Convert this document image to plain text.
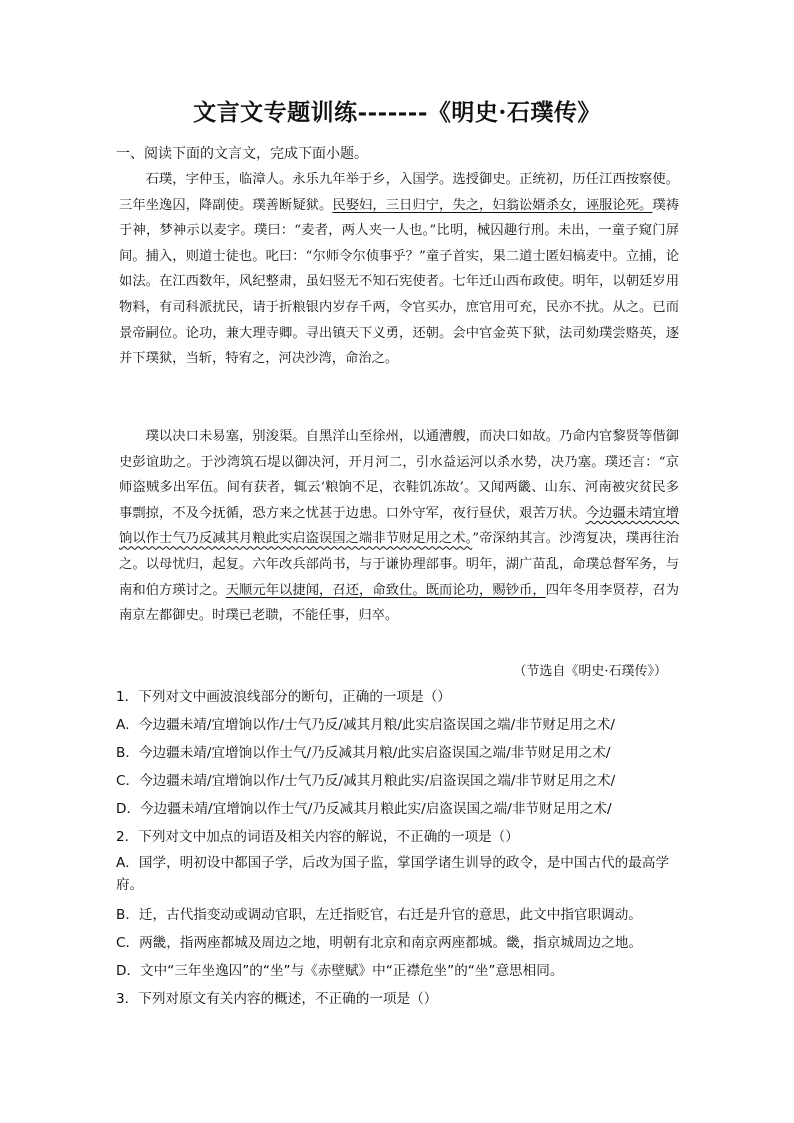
文言文专题训练-------《明史·石璞传》
一、阅读下面的文言文，完成下面小题。

石璞，字仲玉，临漳人。永乐九年举于乡，入国学。选授御史。正统初，历任江西按察使。三年坐逸囚，降副使。璞善断疑狱。民娶妇，三日归宁，失之，妇翁讼婿杀女，诬服论死。璞祷于神，梦神示以麦字。璞曰：“麦者，两人夹一人也。”比明，械囚趣行刑。未出，一童子窥门屏间。捕入，则道士徒也。叱曰：“尔师令尔侦事乎？”童子首实，果二道士匿妇槁麦中。立捕，论如法。在江西数年，风纪整肃，虽妇竖无不知石宪使者。七年迁山西布政使。明年，以朝廷岁用物料，有司科派扰民，请于折粮银内岁存千两，令官买办，庶官用可充，民亦不扰。从之。已而景帝嗣位。论功，兼大理寺卿。寻出镇天下义勇，还朝。会中官金英下狱，法司劾璞尝赂英，逐并下璞狱，当斩，特宥之，河决沙湾，命治之。

璞以决口未易塞，别浚渠。自黑洋山至徐州，以通漕艘，而决口如故。乃命内官黎贤等偕御史彭谊助之。于沙湾筑石堤以御决河，开月河二，引水益运河以杀水势，决乃塞。璞还言：“京师盗贼多出军伍。间有获者，辄云‘粮饷不足，衣鞋饥冻故’。又闻两畿、山东、河南被灾贫民多事剽掠，不及今抚循，恐方来之忧甚于边患。口外守军，夜行昼伏，艰苦万状。今边疆未靖宜增饷以作士气乃反减其月粮此实启盗误国之端非节财足用之术。”帝深纳其言。沙湾复决，璞再往治之。以母忧归，起复。六年改兵部尚书，与于谦协理部事。明年，湖广苗乱，命璞总督军务，与南和伯方瑛讨之。天顺元年以捷闻，召还，命致仕。既而论功，赐钞币，四年冬用李贤荐，召为南京左都御史。时璞已老聩，不能任事，归卒。

（节选自《明史·石璞传》）
1．下列对文中画波浪线部分的断句，正确的一项是（）
A．今边疆未靖/宜增饷以作/士气乃反/减其月粮/此实启盗误国之端/非节财足用之术/
B．今边疆未靖/宜增饷以作士气/乃反减其月粮/此实启盗误国之端/非节财足用之术/
C．今边疆未靖/宜增饷以作/士气乃反/减其月粮此实/启盗误国之端/非节财足用之术/
D．今边疆未靖/宜增饷以作士气/乃反减其月粮此实/启盗误国之端/非节财足用之术/
2．下列对文中加点的词语及相关内容的解说，不正确的一项是（）
A．国学，明初设中都国子学，后改为国子监，掌国学诸生训导的政令，是中国古代的最高学府。
B．迁，古代指变动或调动官职，左迁指贬官，右迁是升官的意思，此文中指官职调动。
C．两畿，指两座都城及周边之地，明朝有北京和南京两座都城。畿，指京城周边之地。
D．文中“三年坐逸囚”的“坐”与《赤壁赋》中“正襟危坐”的“坐”意思相同。
3．下列对原文有关内容的概述，不正确的一项是（）
